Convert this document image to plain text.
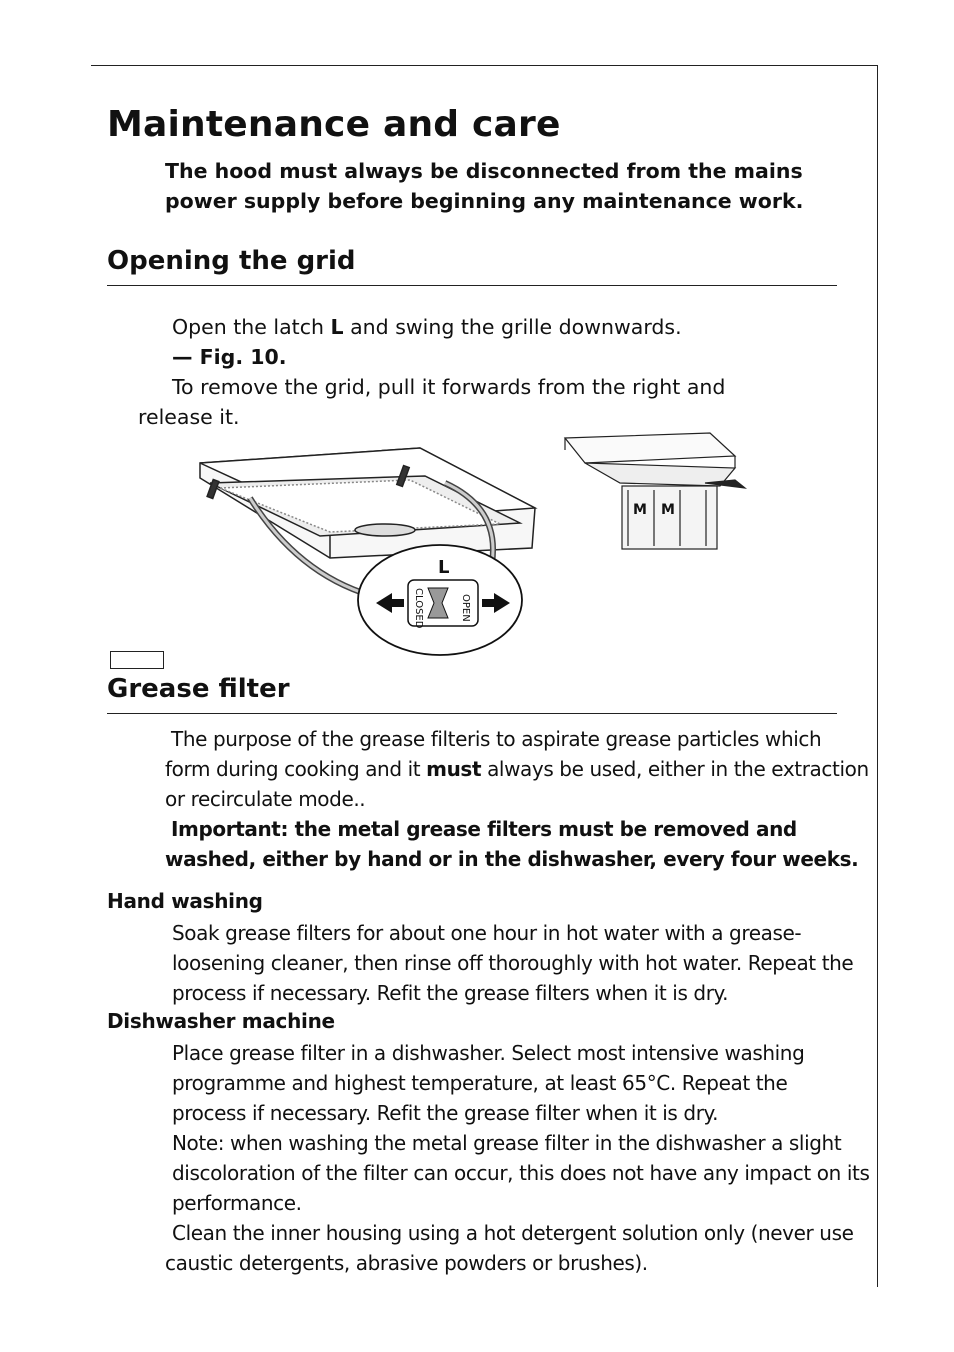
Maintenance and care
The hood must always be disconnected from the mains
power supply before beginning any maintenance work.
Opening the grid
Open the latch L and swing the grille downwards.
— Fig. 10.
To remove the grid, pull it forwards from the right and
release it.
L
CLOSED	OPEN
M M
Grease filter
The purpose of the grease filteris to aspirate grease particles which
form during cooking and it must always be used, either in the extraction
or recirculate mode..
Important: the metal grease filters must be removed and
washed, either by hand or in the dishwasher, every four weeks.
Hand washing
Soak grease filters for about one hour in hot water with a grease-
loosening cleaner, then rinse off thoroughly with hot water. Repeat the
process if necessary. Refit the grease filters when it is dry.
Dishwasher machine
Place grease filter in a dishwasher. Select most intensive washing
programme and highest temperature, at least 65°C. Repeat the
process if necessary. Refit the grease filter when it is dry.
Note: when washing the metal grease filter in the dishwasher a slight
discoloration of the filter can occur, this does not have any impact on its
performance.
Clean the inner housing using a hot detergent solution only (never use
caustic detergents, abrasive powders or brushes).
